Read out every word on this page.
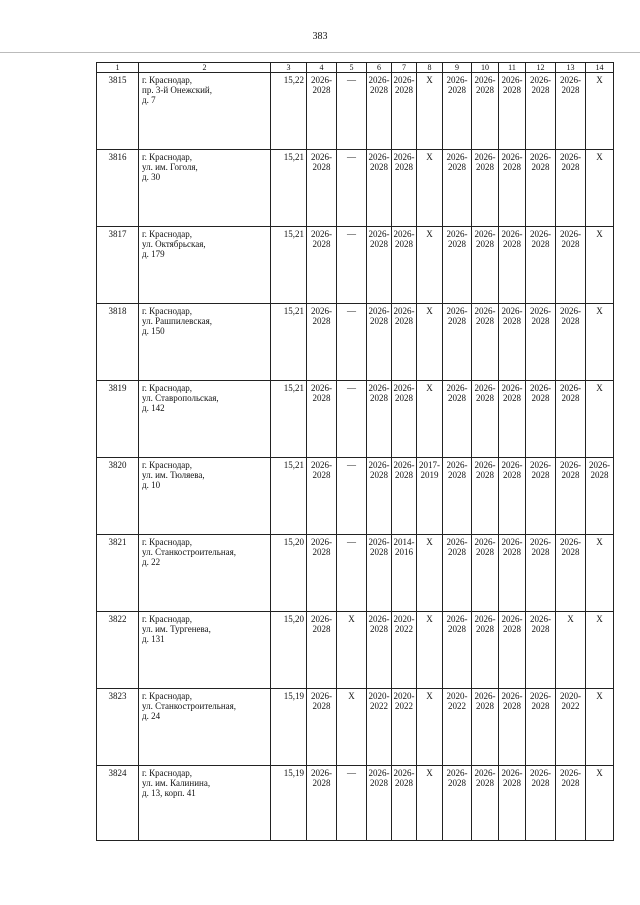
383
1	2	3	4	5	6	7	8	9	10	11	12	13	14
3815	г. Краснодар,
пр. 3-й Онежский,
д. 7	15,22	2026-
2028	—	2026-
2028	2026-
2028	Х	2026-
2028	2026-
2028	2026-
2028	2026-
2028	2026-
2028	Х

3816	г. Краснодар,
ул. им. Гоголя,
д. 30	15,21	2026-
2028	—	2026-
2028	2026-
2028	Х	2026-
2028	2026-
2028	2026-
2028	2026-
2028	2026-
2028	Х

3817	г. Краснодар,
ул. Октябрьская,
д. 179	15,21	2026-
2028	—	2026-
2028	2026-
2028	Х	2026-
2028	2026-
2028	2026-
2028	2026-
2028	2026-
2028	Х

3818	г. Краснодар,
ул. Рашпилевская,
д. 150	15,21	2026-
2028	—	2026-
2028	2026-
2028	Х	2026-
2028	2026-
2028	2026-
2028	2026-
2028	2026-
2028	Х

3819	г. Краснодар,
ул. Ставропольская,
д. 142	15,21	2026-
2028	—	2026-
2028	2026-
2028	Х	2026-
2028	2026-
2028	2026-
2028	2026-
2028	2026-
2028	Х

3820	г. Краснодар,
ул. им. Тюляева,
д. 10	15,21	2026-
2028	—	2026-
2028	2026-
2028	2017-
2019	2026-
2028	2026-
2028	2026-
2028	2026-
2028	2026-
2028	2026-
2028

3821	г. Краснодар,
ул. Станкостроительная,
д. 22	15,20	2026-
2028	—	2026-
2028	2014-
2016	Х	2026-
2028	2026-
2028	2026-
2028	2026-
2028	2026-
2028	Х

3822	г. Краснодар,
ул. им. Тургенева,
д. 131	15,20	2026-
2028	Х	2026-
2028	2020-
2022	Х	2026-
2028	2026-
2028	2026-
2028	2026-
2028	Х	Х

3823	г. Краснодар,
ул. Станкостроительная,
д. 24	15,19	2026-
2028	Х	2020-
2022	2020-
2022	Х	2020-
2022	2026-
2028	2026-
2028	2026-
2028	2020-
2022	Х

3824	г. Краснодар,
ул. им. Калинина,
д. 13, корп. 41	15,19	2026-
2028	—	2026-
2028	2026-
2028	Х	2026-
2028	2026-
2028	2026-
2028	2026-
2028	2026-
2028	Х
